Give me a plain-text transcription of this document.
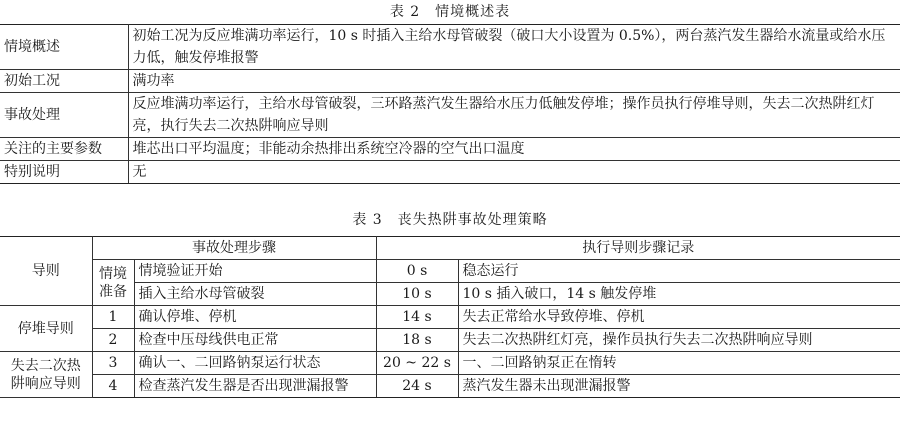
表 2　情境概述表
情境概述	初始工况为反应堆满功率运行，10 s 时插入主给水母管破裂（破口大小设置为 0.5%），两台蒸汽发生器给水流量或给水压力低，触发停堆报警
初始工况	满功率
事故处理	反应堆满功率运行，主给水母管破裂，三环路蒸汽发生器给水压力低触发停堆；操作员执行停堆导则，失去二次热阱红灯亮，执行失去二次热阱响应导则
关注的主要参数	堆芯出口平均温度；非能动余热排出系统空冷器的空气出口温度
特别说明	无
表 3　丧失热阱事故处理策略
导则	事故处理步骤		执行导则步骤记录	
	情境准备	情境验证开始	0 s	稳态运行
		插入主给水母管破裂	10 s	10 s 插入破口，14 s 触发停堆
停堆导则	1	确认停堆、停机	14 s	失去正常给水导致停堆、停机
	2	检查中压母线供电正常	18 s	失去二次热阱红灯亮，操作员执行失去二次热阱响应导则
失去二次热阱响应导则	3	确认一、二回路钠泵运行状态	20 ~ 22 s	一、二回路钠泵正在惰转
	4	检查蒸汽发生器是否出现泄漏报警	24 s	蒸汽发生器未出现泄漏报警
